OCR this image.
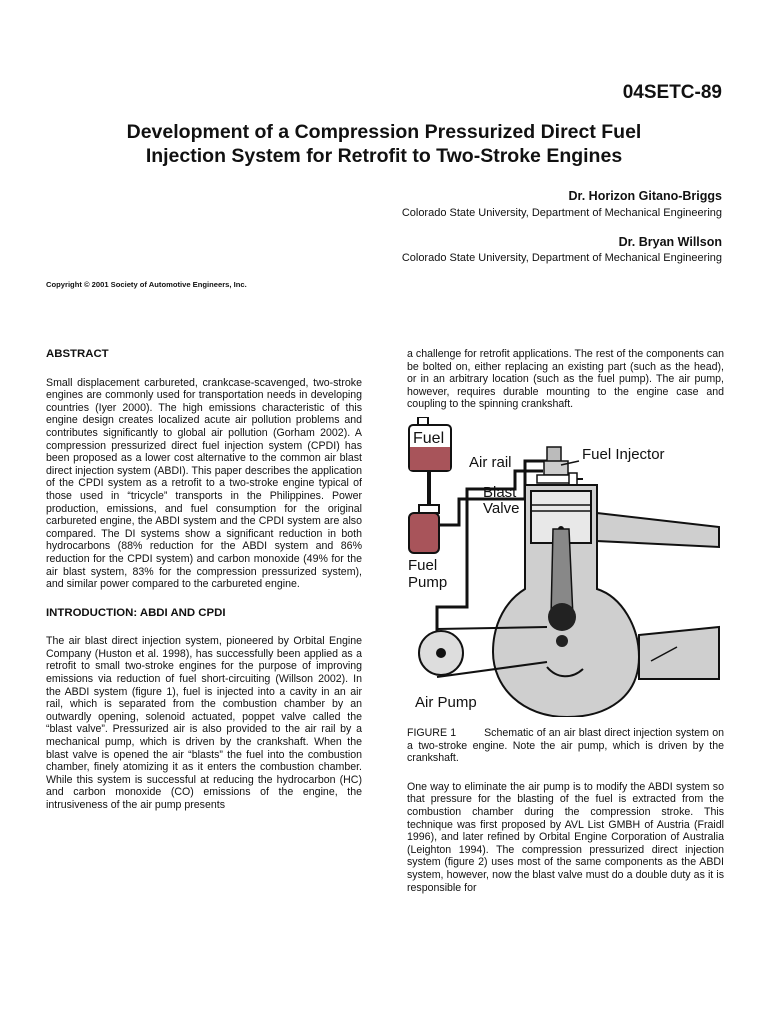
04SETC-89
Development of a Compression Pressurized Direct Fuel
Injection System for Retrofit to Two-Stroke Engines
Dr. Horizon Gitano-Briggs
Colorado State University, Department of Mechanical Engineering
Dr. Bryan Willson
Colorado State University, Department of Mechanical Engineering
Copyright © 2001 Society of Automotive Engineers, Inc.
ABSTRACT

Small displacement carbureted, crankcase-scavenged, two-stroke engines are commonly used for transportation needs in developing countries (Iyer 2000). The high emissions characteristic of this engine design creates localized acute air pollution problems and contributes significantly to global air pollution (Gorham 2002). A compression pressurized direct fuel injection system (CPDI) has been proposed as a lower cost alternative to the common air blast direct injection system (ABDI). This paper describes the application of the CPDI system as a retrofit to a two-stroke engine typical of those used in “tricycle” transports in the Philippines. Power production, emissions, and fuel consumption for the original carbureted engine, the ABDI system and the CPDI system are also compared. The DI systems show a significant reduction in both hydrocarbons (88% reduction for the ABDI system and 86% reduction for the CPDI system) and carbon monoxide (49% for the air blast system, 83% for the compression pressurized system), and similar power compared to the carbureted engine.

INTRODUCTION: ABDI AND CPDI

The air blast direct injection system, pioneered by Orbital Engine Company (Huston et al. 1998), has successfully been applied as a retrofit to small two-stroke engines for the purpose of improving emissions via reduction of fuel short-circuiting (Willson 2002). In the ABDI system (figure 1), fuel is injected into a cavity in an air rail, which is separated from the combustion chamber by an outwardly opening, solenoid actuated, poppet valve called the “blast valve”. Pressurized air is also provided to the air rail by a mechanical pump, which is driven by the crankshaft. When the blast valve is opened the air “blasts” the fuel into the combustion chamber, finely atomizing it as it enters the combustion chamber. While this system is successful at reducing the hydrocarbon (HC) and carbon monoxide (CO) emissions of the engine, the intrusiveness of the air pump presents

a challenge for retrofit applications. The rest of the components can be bolted on, either replacing an existing part (such as the head), or in an arbitrary location (such as the fuel pump). The air pump, however, requires durable mounting to the engine case and coupling to the spinning crankshaft.

Fuel
Fuel
Pump
Air rail	Fuel Injector
Blast
Valve
Air Pump

FIGURE 1	Schematic of an air blast direct injection system on a two-stroke engine. Note the air pump, which is driven by the crankshaft.

One way to eliminate the air pump is to modify the ABDI system so that pressure for the blasting of the fuel is extracted from the combustion chamber during the compression stroke. This technique was first proposed by AVL List GMBH of Austria (Fraidl 1996), and later refined by Orbital Engine Corporation of Australia (Leighton 1994). The compression pressurized direct injection system (figure 2) uses most of the same components as the ABDI system, however, now the blast valve must do a double duty as it is responsible for
